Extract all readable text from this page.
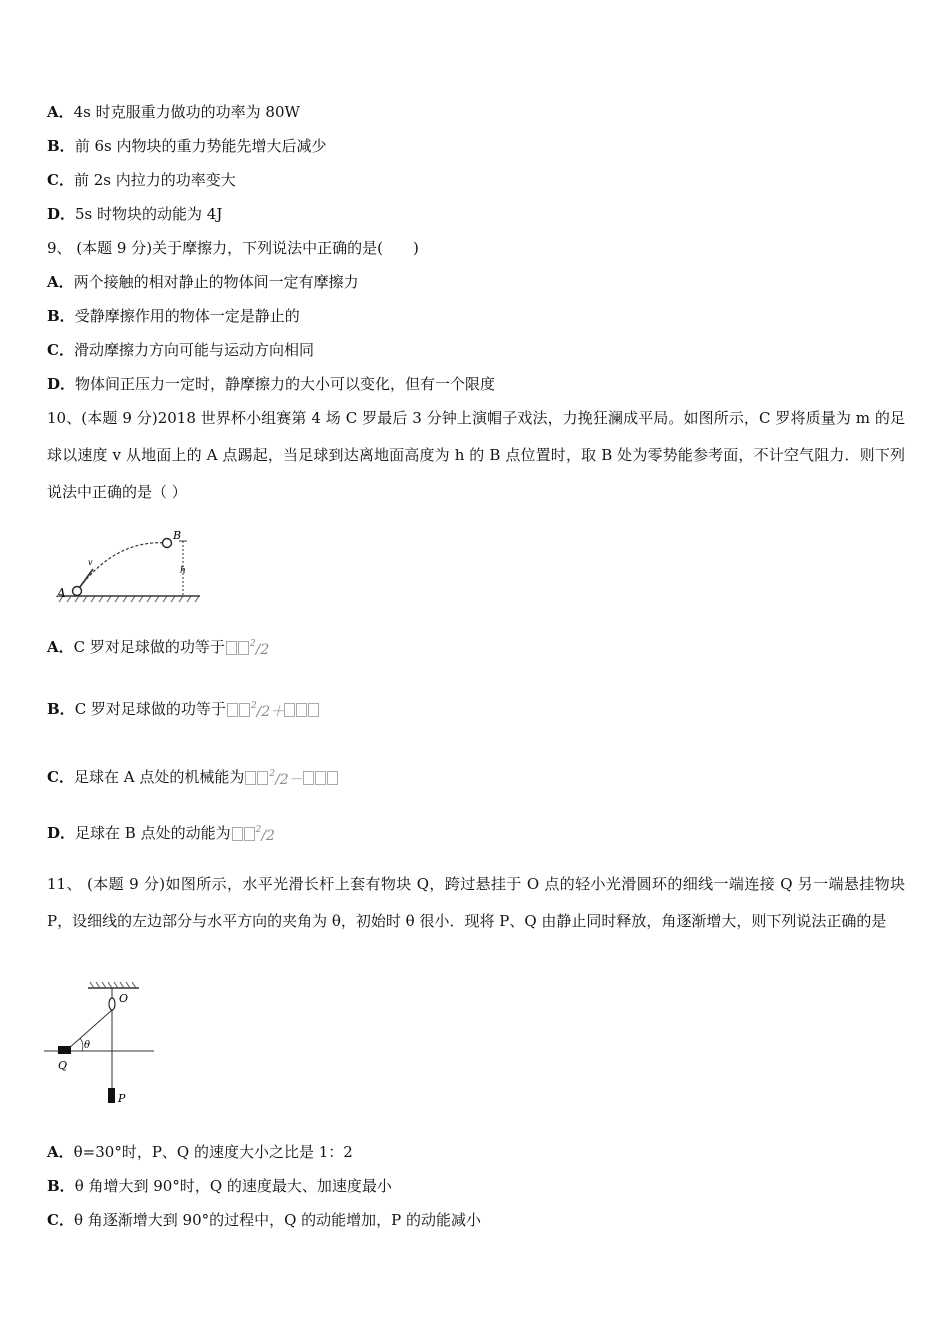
A．4s 时克服重力做功的功率为 80W
B．前 6s 内物块的重力势能先增大后减少
C．前 2s 内拉力的功率变大
D．5s 时物块的动能为 4J
9、 (本题 9 分)关于摩擦力，下列说法中正确的是(　　)
A．两个接触的相对静止的物体间一定有摩擦力
B．受静摩擦作用的物体一定是静止的
C．滑动摩擦力方向可能与运动方向相同
D．物体间正压力一定时，静摩擦力的大小可以变化，但有一个限度
10、(本题 9 分)2018 世界杯小组赛第 4 场 C 罗最后 3 分钟上演帽子戏法，力挽狂澜成平局。如图所示，C 罗将质量为 m 的足球以速度 v 从地面上的 A 点踢起，当足球到达离地面高度为 h 的 B 点位置时，取 B 处为零势能参考面，不计空气阻力．则下列说法中正确的是（ ）
A
B
h
v
A．C 罗对足球做的功等于	$^2$/2
B．C 罗对足球做的功等于	$^2$/2＋
C．足球在 A 点处的机械能为	$^2$/2－
D．足球在 B 点处的动能为	$^2$/2
11、 (本题 9 分)如图所示，水平光滑长杆上套有物块 Q，跨过悬挂于 O 点的轻小光滑圆环的细线一端连接 Q 另一端悬挂物块 P，设细线的左边部分与水平方向的夹角为 θ，初始时 θ 很小．现将 P、Q 由静止同时释放，角逐渐增大，则下列说法正确的是
θ
O
Q
P
A．θ=30°时，P、Q 的速度大小之比是 1：2
B．θ 角增大到 90°时，Q 的速度最大、加速度最小
C．θ 角逐渐增大到 90°的过程中，Q 的动能增加，P 的动能减小
